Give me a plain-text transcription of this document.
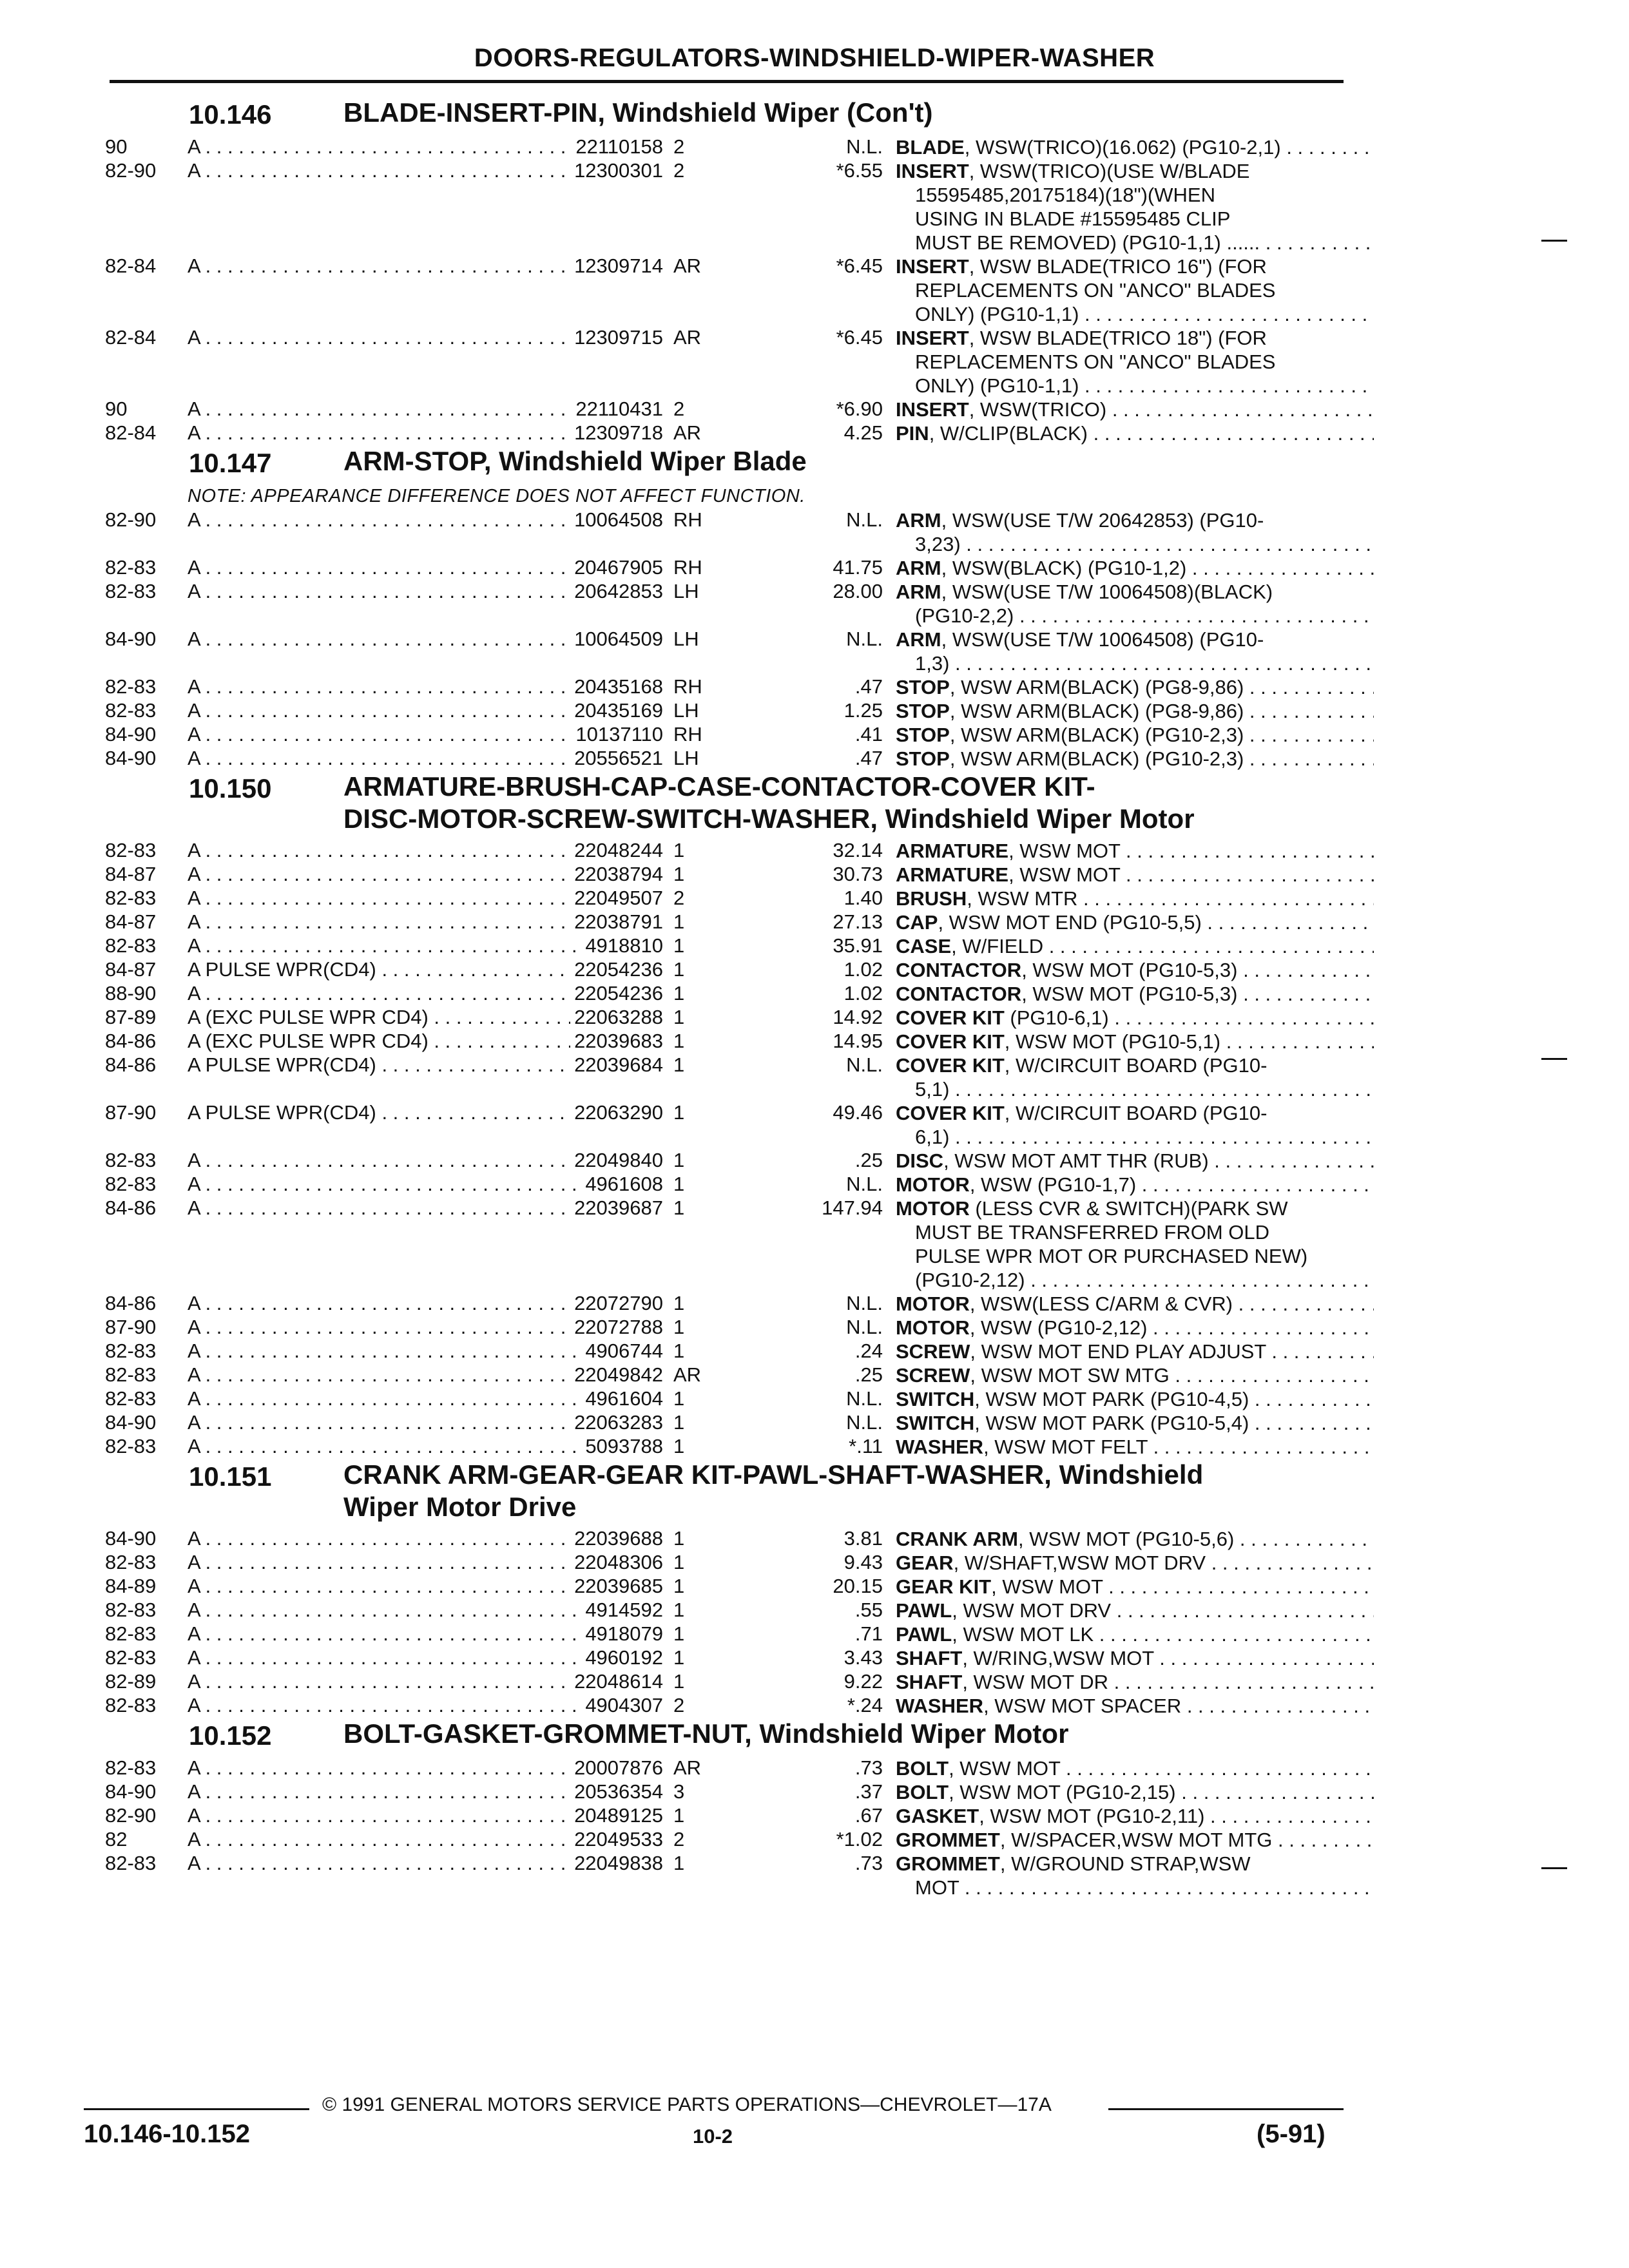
DOORS-REGULATORS-WINDSHIELD-WIPER-WASHER
10.146	BLADE-INSERT-PIN, Windshield Wiper (Con't)
90	A . . .	22110158 2	N.L. BLADE, WSW(TRICO)(16.062) (PG10-2,1) . . .
82-90 A . . .	12300301 2	*6.55 INSERT, WSW(TRICO)(USE W/BLADE
15595485,20175184)(18")(WHEN
USING IN BLADE #15595485 CLIP
MUST BE REMOVED) (PG10-1,1) ...... . . .
82-84 A . . .	12309714 AR	*6.45 INSERT, WSW BLADE(TRICO 16") (FOR
REPLACEMENTS ON "ANCO" BLADES
ONLY) (PG10-1,1) . . .
82-84 A . . .	12309715 AR	*6.45 INSERT, WSW BLADE(TRICO 18") (FOR
REPLACEMENTS ON "ANCO" BLADES
ONLY) (PG10-1,1) . . .
90	A . . .	22110431 2	*6.90 INSERT, WSW(TRICO) . . .
82-84 A . . .	12309718 AR	4.25 PIN, W/CLIP(BLACK) . . .
10.147	ARM-STOP, Windshield Wiper Blade
NOTE: APPEARANCE DIFFERENCE DOES NOT AFFECT FUNCTION.
82-90 A . . .	10064508 RH	N.L. ARM, WSW(USE T/W 20642853) (PG10-
3,23) . . .
82-83 A . . .	20467905 RH	41.75 ARM, WSW(BLACK) (PG10-1,2) . . .
82-83 A . . .	20642853 LH	28.00 ARM, WSW(USE T/W 10064508)(BLACK)
(PG10-2,2) . . .
84-90 A . . .	10064509 LH	N.L. ARM, WSW(USE T/W 10064508) (PG10-
1,3) . . .
82-83 A . . .	20435168 RH	.47 STOP, WSW ARM(BLACK) (PG8-9,86) . . .
82-83 A . . .	20435169 LH	1.25 STOP, WSW ARM(BLACK) (PG8-9,86) . . .
84-90 A . . .	10137110 RH	.41 STOP, WSW ARM(BLACK) (PG10-2,3) . . .
84-90 A . . .	20556521 LH	.47 STOP, WSW ARM(BLACK) (PG10-2,3) . . .
10.150	ARMATURE-BRUSH-CAP-CASE-CONTACTOR-COVER KIT-
DISC-MOTOR-SCREW-SWITCH-WASHER, Windshield Wiper Motor
82-83 A . . .	22048244 1	32.14 ARMATURE, WSW MOT . . .
84-87 A . . .	22038794 1	30.73 ARMATURE, WSW MOT . . .
82-83 A . . .	22049507 2	1.40 BRUSH, WSW MTR . . .
84-87 A . . .	22038791 1	27.13 CAP, WSW MOT END (PG10-5,5) . . .
82-83 A . . .	4918810 1	35.91 CASE, W/FIELD . . .
84-87 A PULSE WPR(CD4) . . .	22054236 1	1.02 CONTACTOR, WSW MOT (PG10-5,3) . . .
88-90 A . . .	22054236 1	1.02 CONTACTOR, WSW MOT (PG10-5,3) . . .
87-89 A (EXC PULSE WPR CD4) . . .	22063288 1	14.92 COVER KIT (PG10-6,1) . . .
84-86 A (EXC PULSE WPR CD4) . . .	22039683 1	14.95 COVER KIT, WSW MOT (PG10-5,1) . . .
84-86 A PULSE WPR(CD4) . . .	22039684 1	N.L. COVER KIT, W/CIRCUIT BOARD (PG10-
5,1) . . .
87-90 A PULSE WPR(CD4) . . .	22063290 1	49.46 COVER KIT, W/CIRCUIT BOARD (PG10-
6,1) . . .
82-83 A . . .	22049840 1	.25 DISC, WSW MOT AMT THR (RUB) . . .
82-83 A . . .	4961608 1	N.L. MOTOR, WSW (PG10-1,7) . . .
84-86 A . . .	22039687 1	147.94 MOTOR (LESS CVR & SWITCH)(PARK SW
MUST BE TRANSFERRED FROM OLD
PULSE WPR MOT OR PURCHASED NEW)
(PG10-2,12) . . .
84-86 A . . .	22072790 1	N.L. MOTOR, WSW(LESS C/ARM & CVR) . . .
87-90 A . . .	22072788 1	N.L. MOTOR, WSW (PG10-2,12) . . .
82-83 A . . .	4906744 1	.24 SCREW, WSW MOT END PLAY ADJUST . . .
82-83 A . . .	22049842 AR	.25 SCREW, WSW MOT SW MTG . . .
82-83 A . . .	4961604 1	N.L. SWITCH, WSW MOT PARK (PG10-4,5) . . .
84-90 A . . .	22063283 1	N.L. SWITCH, WSW MOT PARK (PG10-5,4) . . .
82-83 A . . .	5093788 1	*.11 WASHER, WSW MOT FELT . . .
10.151	CRANK ARM-GEAR-GEAR KIT-PAWL-SHAFT-WASHER, Windshield
Wiper Motor Drive
84-90 A . . .	22039688 1	3.81 CRANK ARM, WSW MOT (PG10-5,6) . . .
82-83 A . . .	22048306 1	9.43 GEAR, W/SHAFT,WSW MOT DRV . . .
84-89 A . . .	22039685 1	20.15 GEAR KIT, WSW MOT . . .
82-83 A . . .	4914592 1	.55 PAWL, WSW MOT DRV . . .
82-83 A . . .	4918079 1	.71 PAWL, WSW MOT LK . . .
82-83 A . . .	4960192 1	3.43 SHAFT, W/RING,WSW MOT . . .
82-89 A . . .	22048614 1	9.22 SHAFT, WSW MOT DR . . .
82-83 A . . .	4904307 2	*.24 WASHER, WSW MOT SPACER . . .
10.152	BOLT-GASKET-GROMMET-NUT, Windshield Wiper Motor
82-83 A . . .	20007876 AR	.73 BOLT, WSW MOT . . .
84-90 A . . .	20536354 3	.37 BOLT, WSW MOT (PG10-2,15) . . .
82-90 A . . .	20489125 1	.67 GASKET, WSW MOT (PG10-2,11) . . .
82	A . . .	22049533 2	*1.02 GROMMET, W/SPACER,WSW MOT MTG . . .
82-83 A . . .	22049838 1	.73 GROMMET, W/GROUND STRAP,WSW
MOT . . .
© 1991 GENERAL MOTORS SERVICE PARTS OPERATIONS—CHEVROLET—17A
10.146-10.152	10-2	(5-91)
